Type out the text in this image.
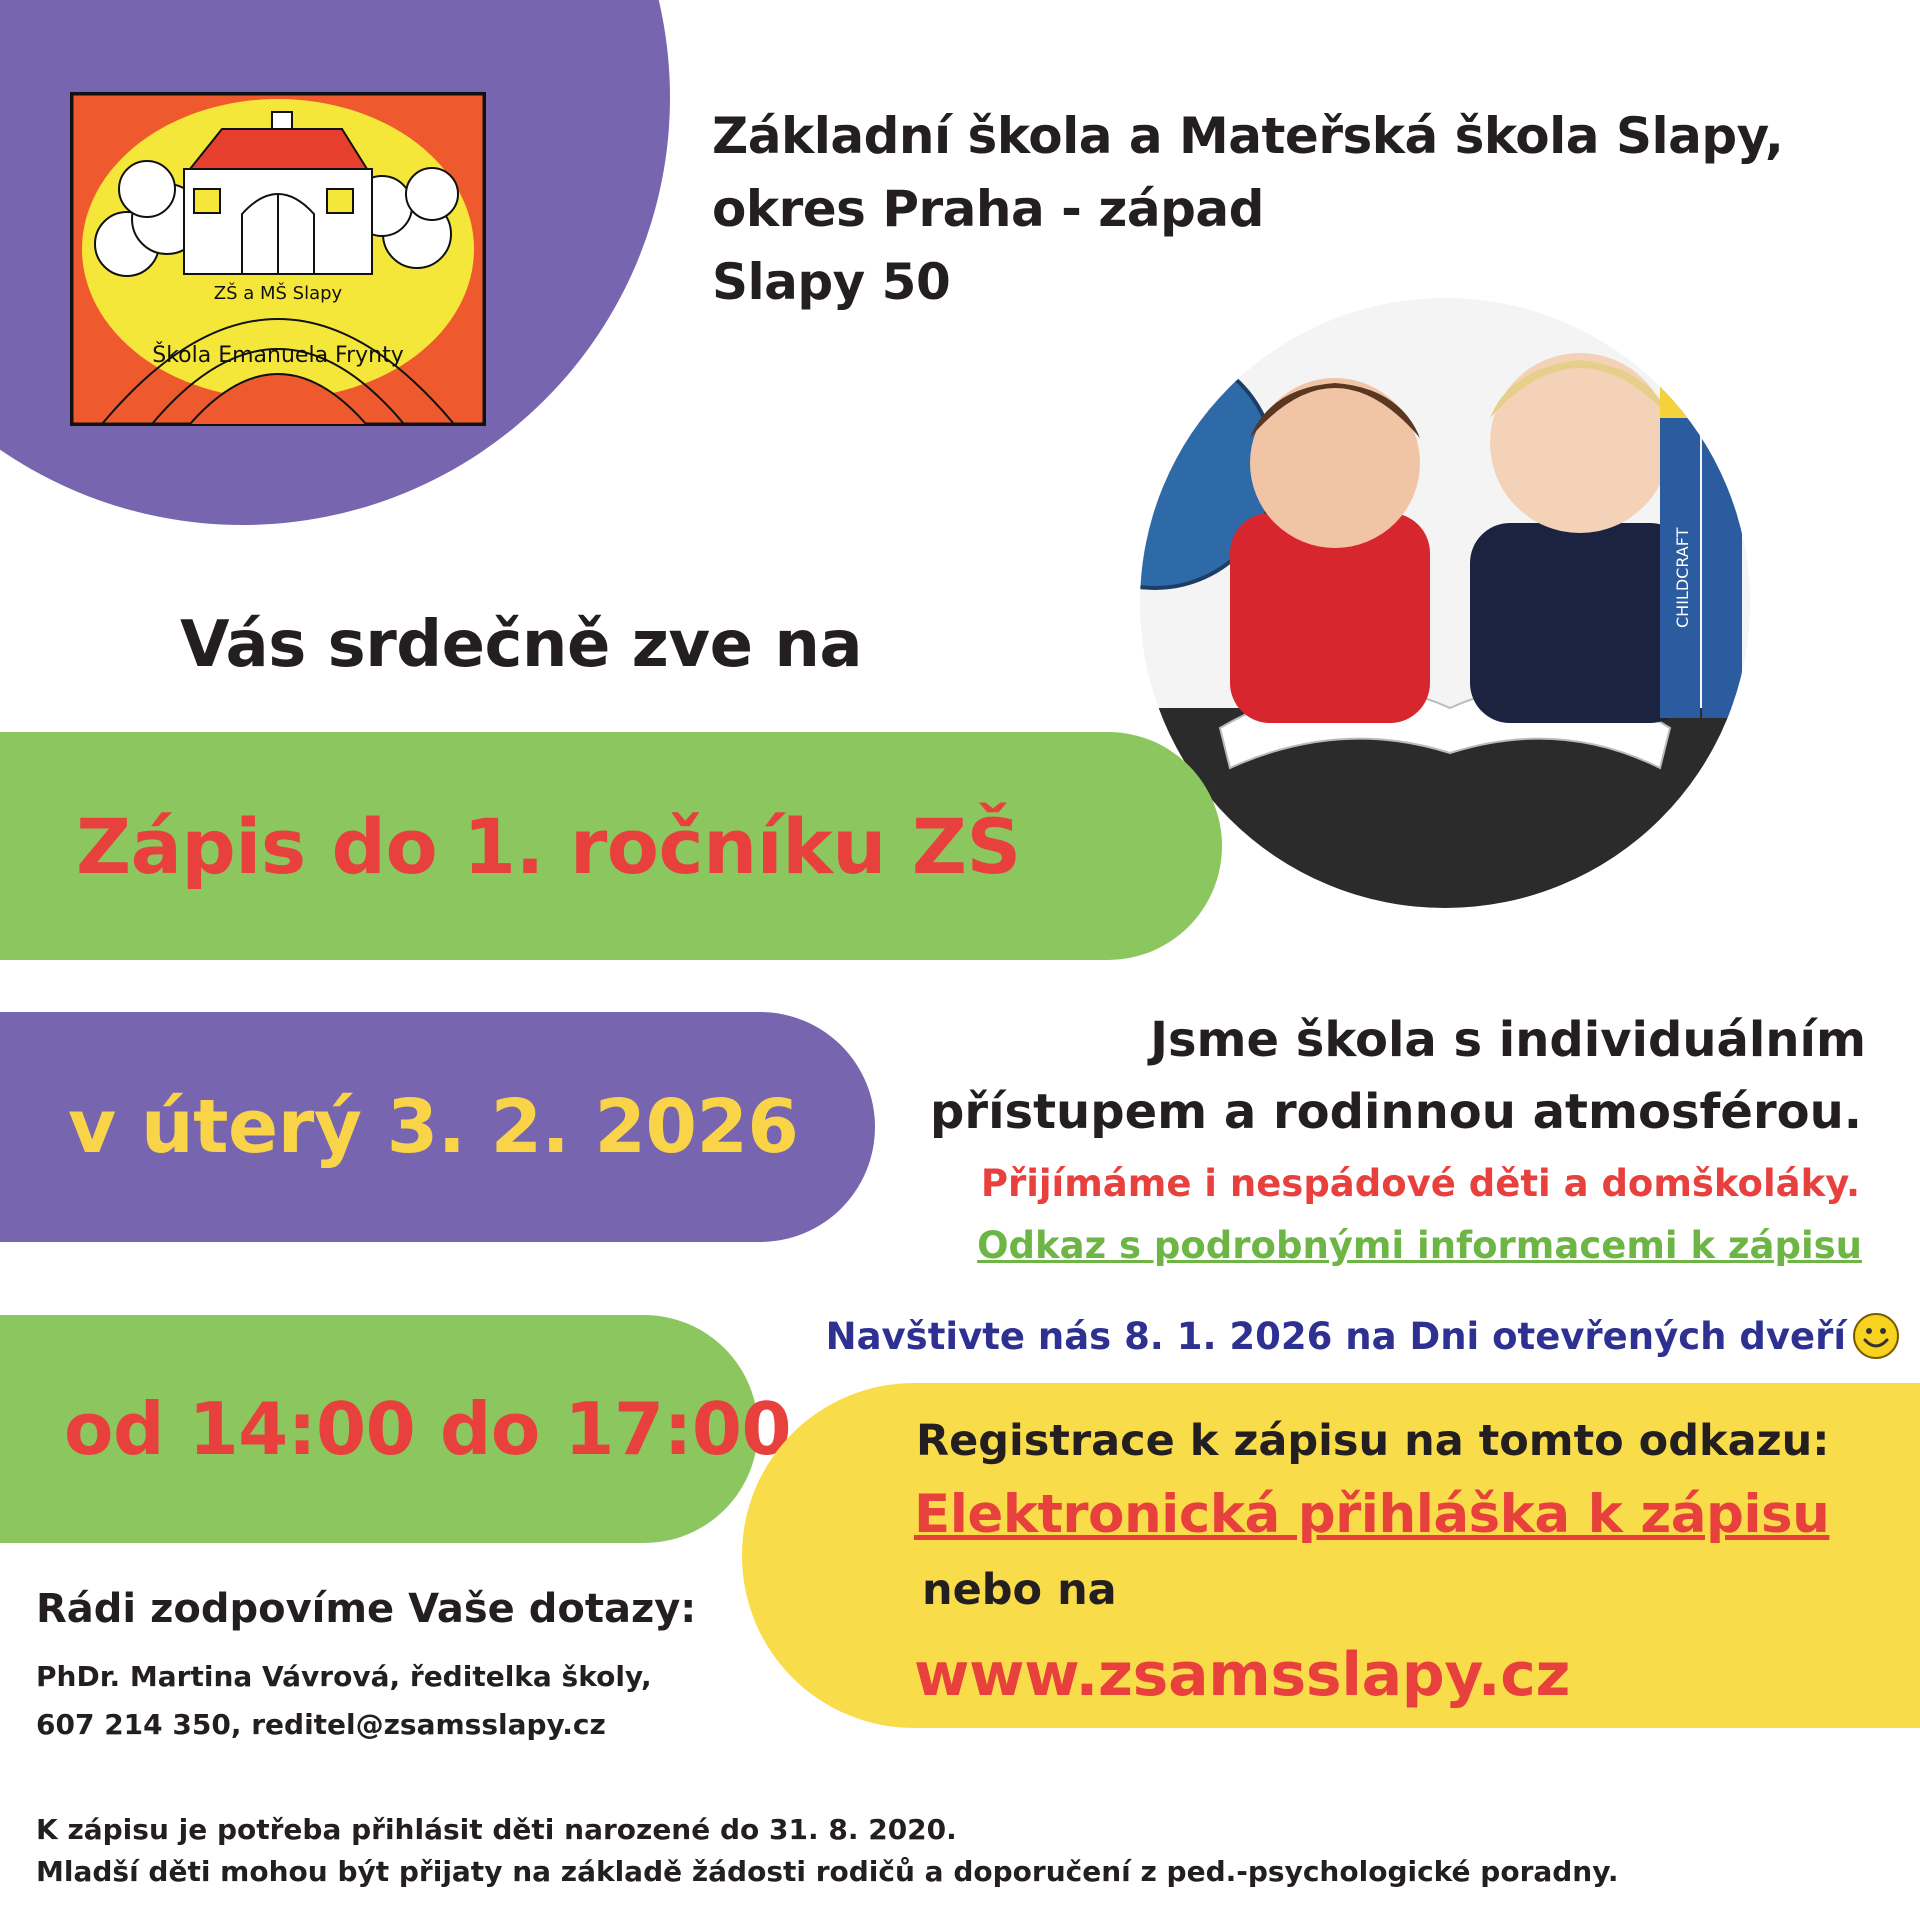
ZŠ a MŠ Slapy
Škola Emanuela Frynty
Základní škola a Mateřská škola Slapy,
okres Praha - západ
Slapy 50
CHILDCRAFT
Vás srdečně zve na
Zápis do 1. ročníku ZŠ
v úterý 3. 2. 2026
od 14:00 do 17:00
Jsme škola s individuálním
přístupem a rodinnou atmosférou.
Přijímáme i nespádové děti a domškoláky.
Odkaz s podrobnými informacemi k zápisu
Navštivte nás 8. 1. 2026 na Dni otevřených dveří
Registrace k zápisu na tomto odkazu:
Elektronická přihláška k zápisu
nebo na
www.zsamsslapy.cz
Rádi zodpovíme Vaše dotazy:
PhDr. Martina Vávrová, ředitelka školy,
607 214 350, reditel@zsamsslapy.cz
K zápisu je potřeba přihlásit děti narozené do 31. 8. 2020.
Mladší děti mohou být přijaty na základě žádosti rodičů a doporučení z ped.-psychologické poradny.
